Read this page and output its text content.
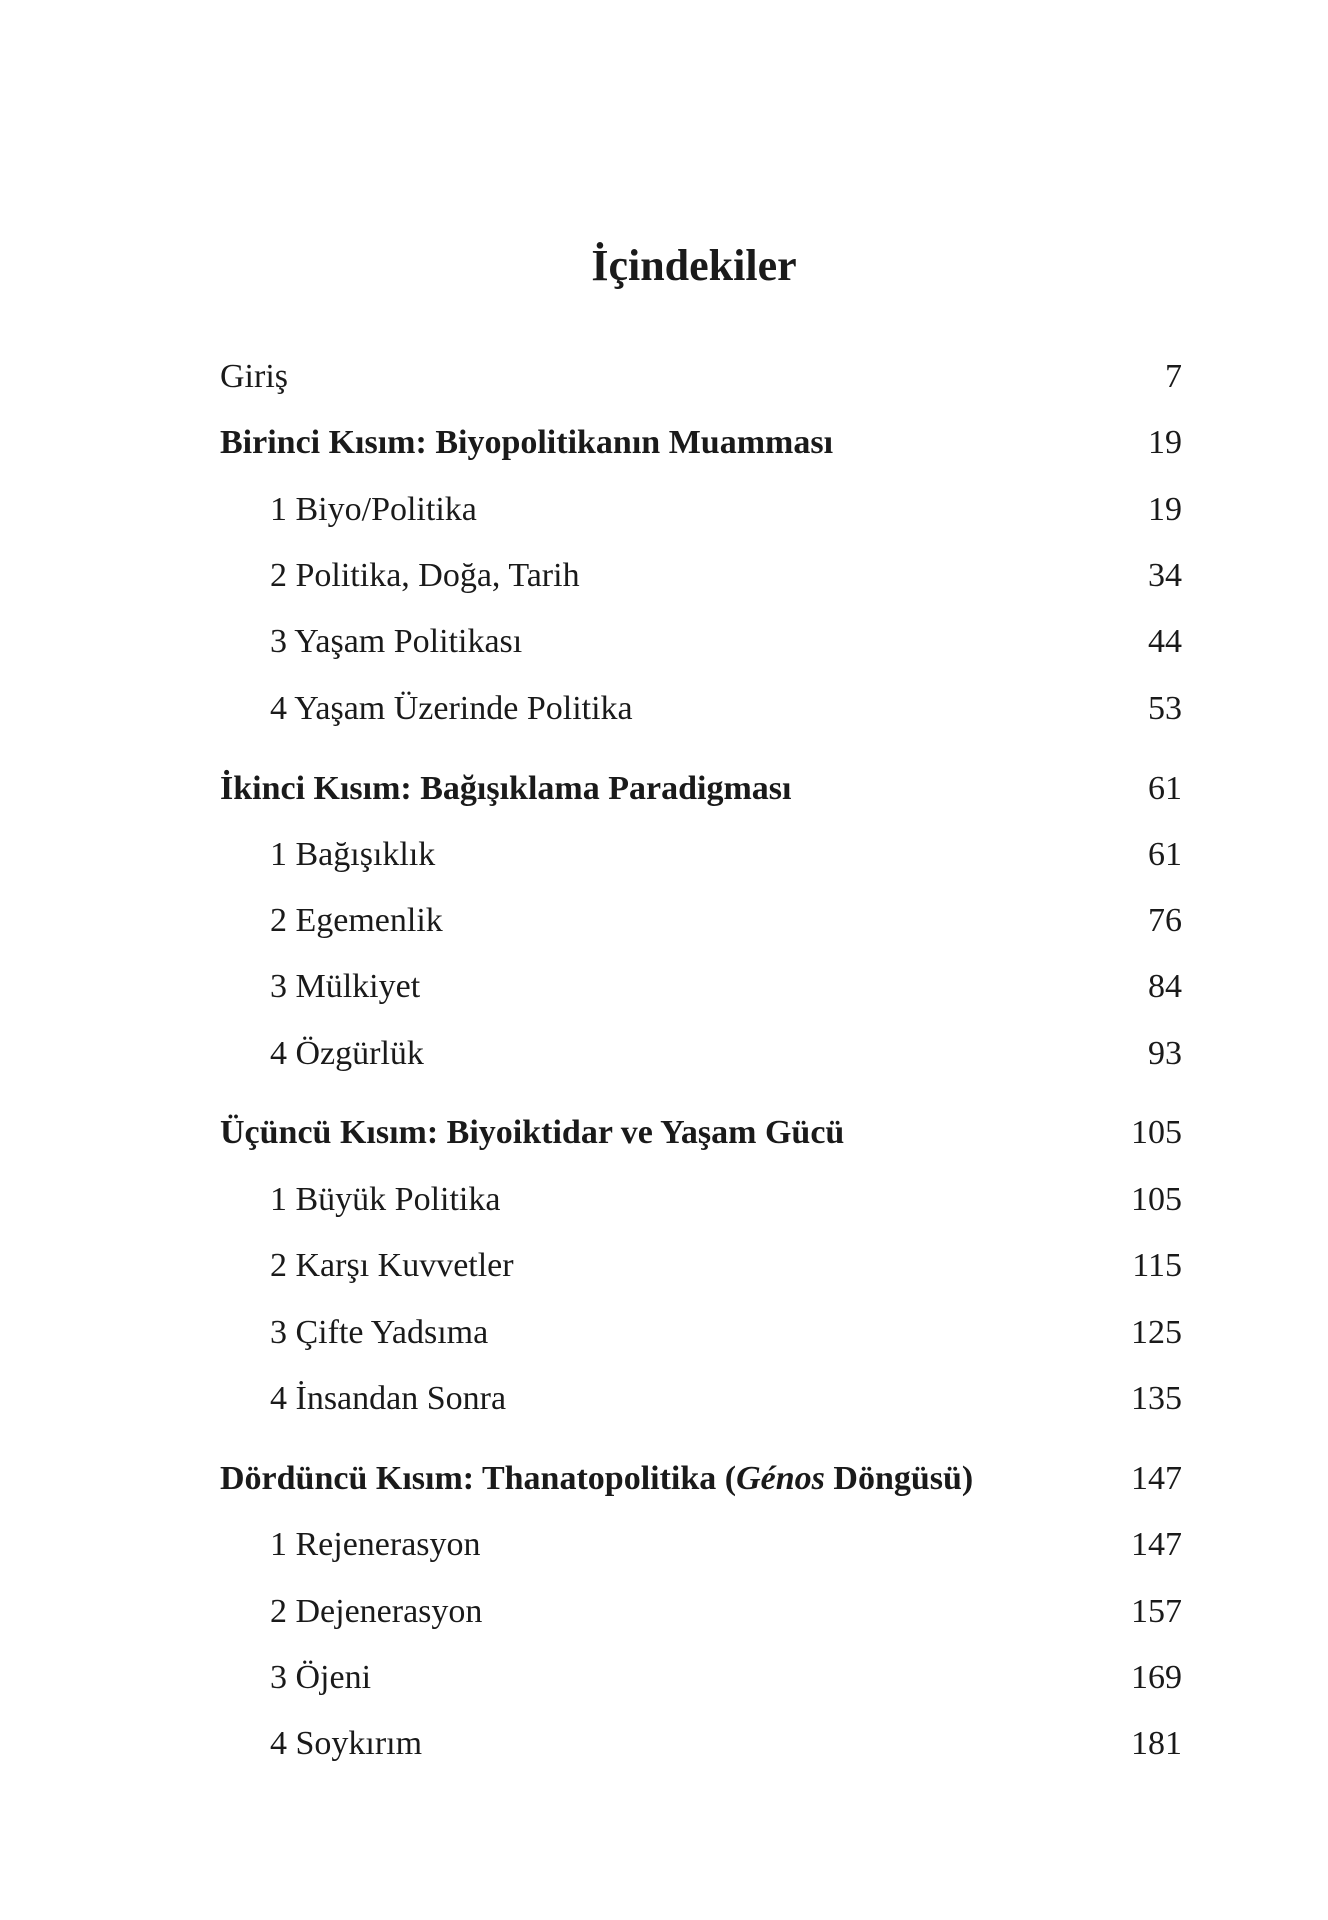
İçindekiler
Giriş	7
Birinci Kısım: Biyopolitikanın Muamması	19
1 Biyo/Politika	19
2 Politika, Doğa, Tarih	34
3 Yaşam Politikası	44
4 Yaşam Üzerinde Politika	53
İkinci Kısım: Bağışıklama Paradigması	61
1 Bağışıklık	61
2 Egemenlik	76
3 Mülkiyet	84
4 Özgürlük	93
Üçüncü Kısım: Biyoiktidar ve Yaşam Gücü	105
1 Büyük Politika	105
2 Karşı Kuvvetler	115
3 Çifte Yadsıma	125
4 İnsandan Sonra	135
Dördüncü Kısım: Thanatopolitika (Génos Döngüsü)	147
1 Rejenerasyon	147
2 Dejenerasyon	157
3 Öjeni	169
4 Soykırım	181
